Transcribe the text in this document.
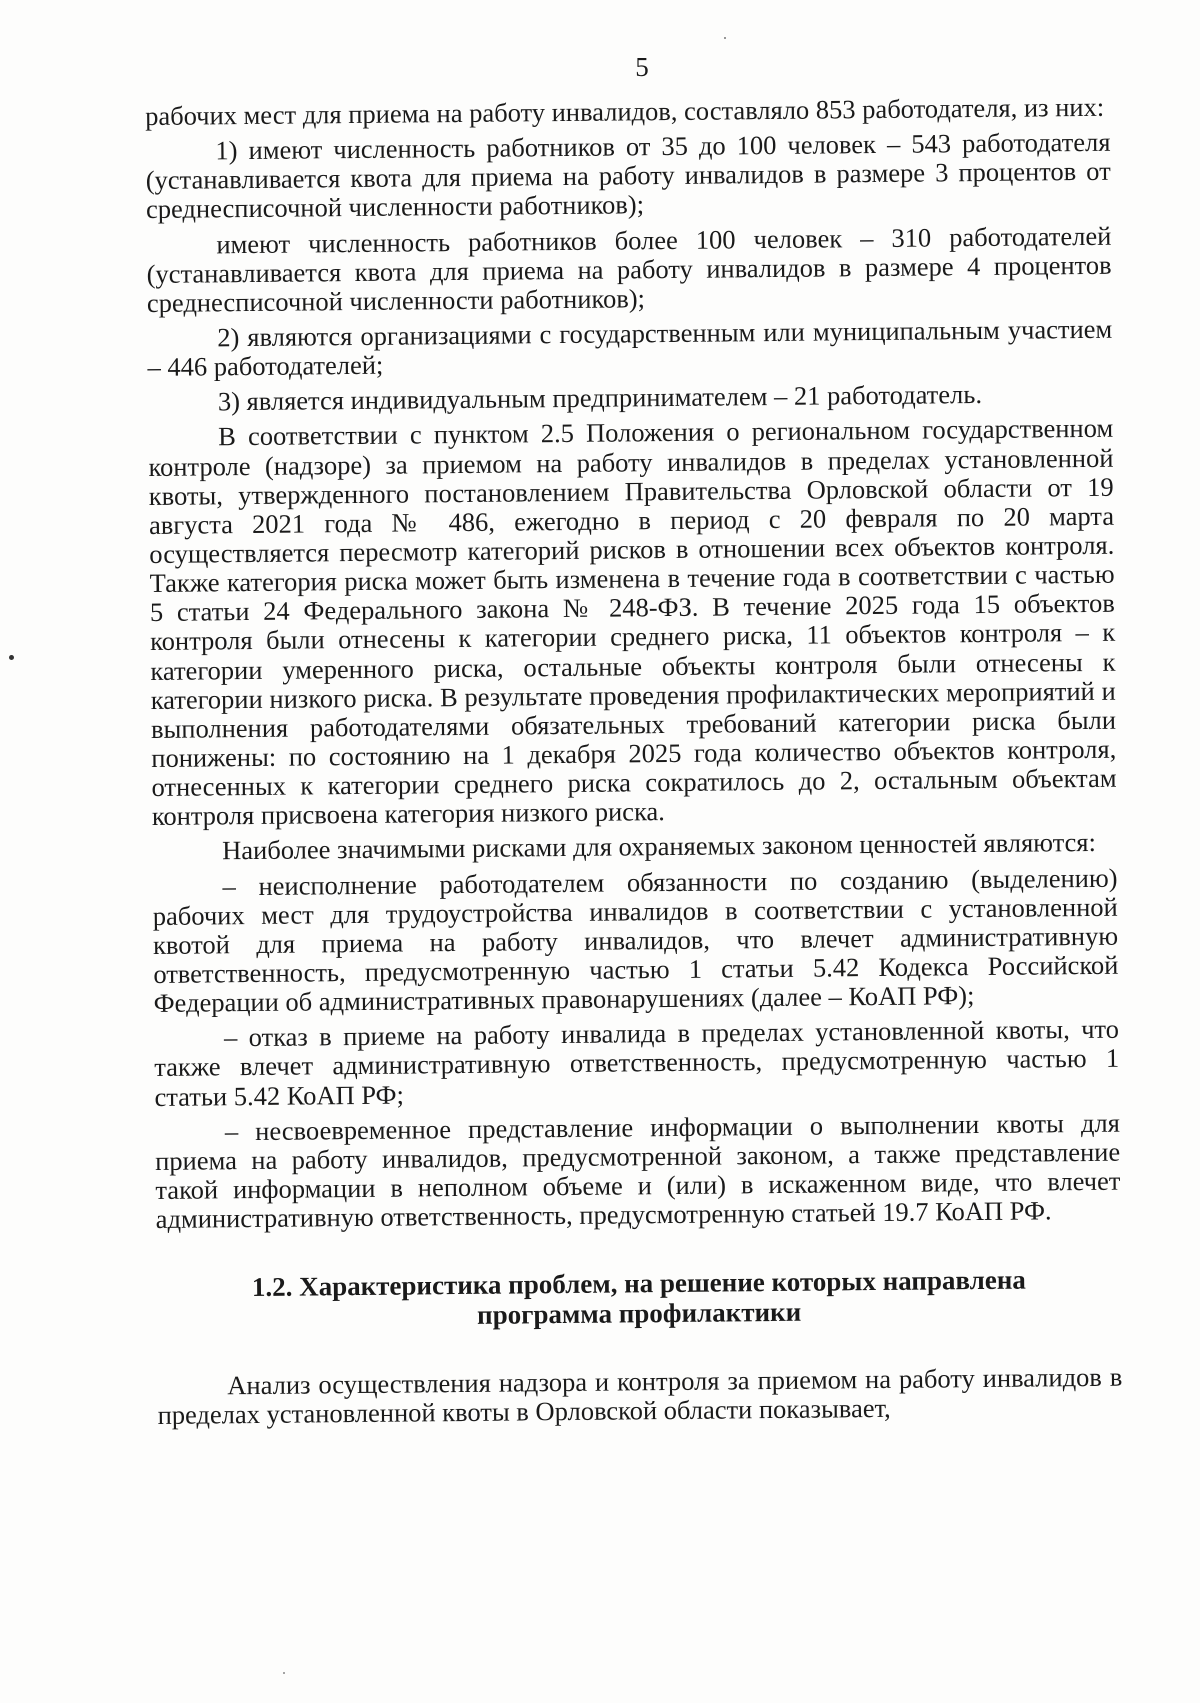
5

рабочих мест для приема на работу инвалидов, составляло 853 работодателя, из них:

1) имеют численность работников от 35 до 100 человек – 543 работодателя (устанавливается квота для приема на работу инвалидов в размере 3 процентов от среднесписочной численности работников);

имеют численность работников более 100 человек – 310 работодателей (устанавливается квота для приема на работу инвалидов в размере 4 процентов среднесписочной численности работников);

2) являются организациями с государственным или муниципальным участием – 446 работодателей;

3) является индивидуальным предпринимателем – 21 работодатель.

В соответствии с пунктом 2.5 Положения о региональном государственном контроле (надзоре) за приемом на работу инвалидов в пределах установленной квоты, утвержденного постановлением Правительства Орловской области от 19 августа 2021 года № 486, ежегодно в период с 20 февраля по 20 марта осуществляется пересмотр категорий рисков в отношении всех объектов контроля. Также категория риска может быть изменена в течение года в соответствии с частью 5 статьи 24 Федерального закона № 248-ФЗ. В течение 2025 года 15 объектов контроля были отнесены к категории среднего риска, 11 объектов контроля – к категории умеренного риска, остальные объекты контроля были отнесены к категории низкого риска. В результате проведения профилактических мероприятий и выполнения работодателями обязательных требований категории риска были понижены: по состоянию на 1 декабря 2025 года количество объектов контроля, отнесенных к категории среднего риска сократилось до 2, остальным объектам контроля присвоена категория низкого риска.

Наиболее значимыми рисками для охраняемых законом ценностей являются:

– неисполнение работодателем обязанности по созданию (выделению) рабочих мест для трудоустройства инвалидов в соответствии с установленной квотой для приема на работу инвалидов, что влечет административную ответственность, предусмотренную частью 1 статьи 5.42 Кодекса Российской Федерации об административных правонарушениях (далее – КоАП РФ);

– отказ в приеме на работу инвалида в пределах установленной квоты, что также влечет административную ответственность, предусмотренную частью 1 статьи 5.42 КоАП РФ;

– несвоевременное представление информации о выполнении квоты для приема на работу инвалидов, предусмотренной законом, а также представление такой информации в неполном объеме и (или) в искаженном виде, что влечет административную ответственность, предусмотренную статьей 19.7 КоАП РФ.

1.2. Характеристика проблем, на решение которых направлена
программа профилактики

Анализ осуществления надзора и контроля за приемом на работу инвалидов в пределах установленной квоты в Орловской области показывает,
